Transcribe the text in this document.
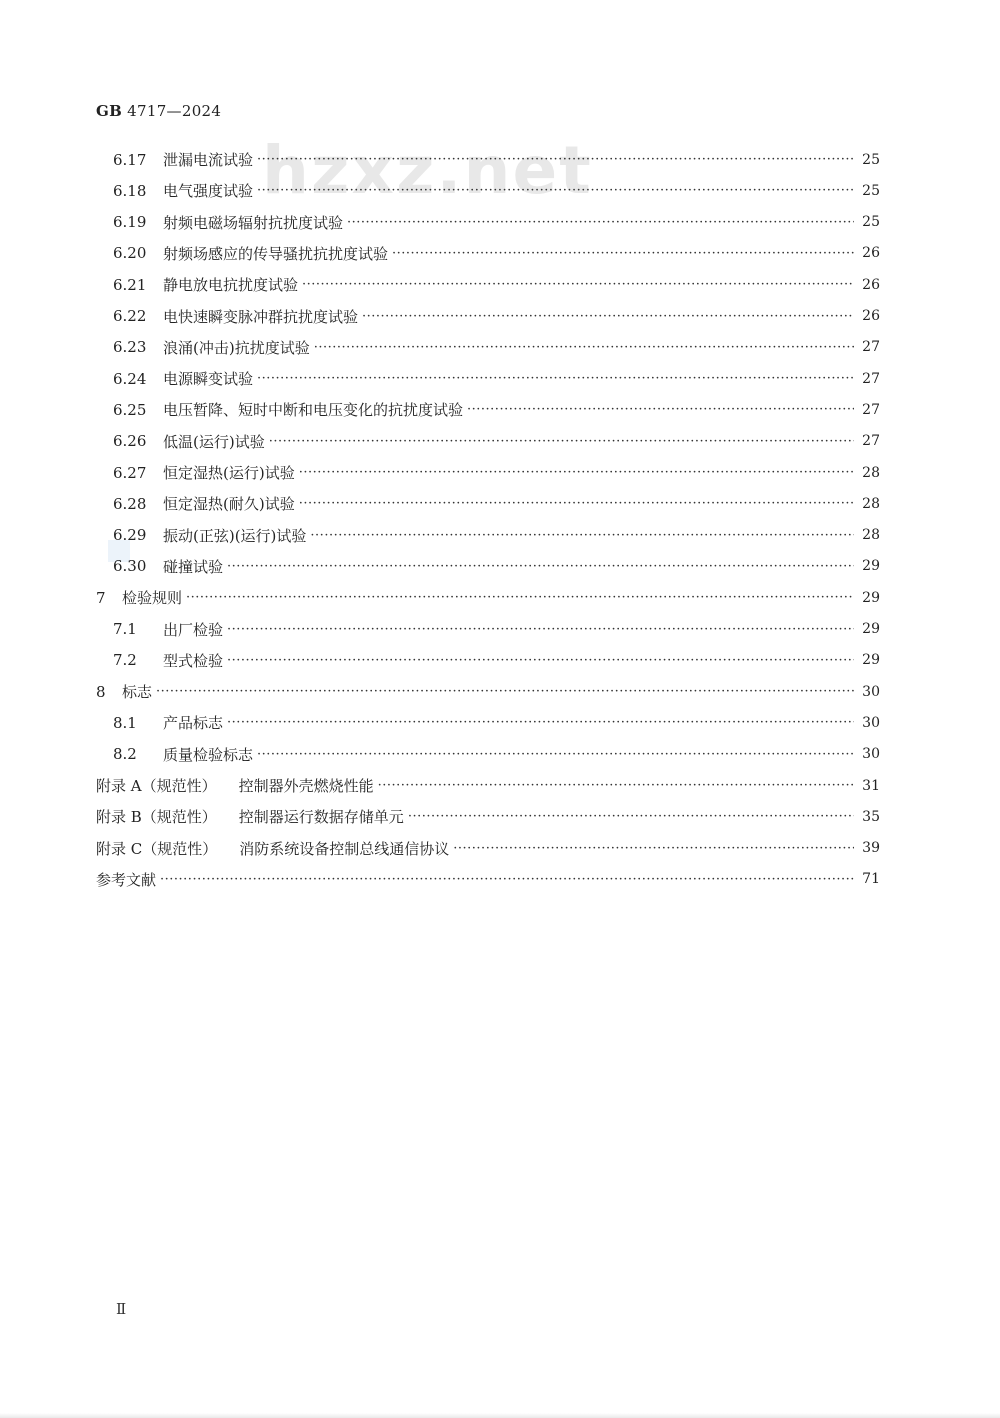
GB 4717—2024
hzxz.net
6.17	泄漏电流试验 ·····	25
6.18	电气强度试验 ·····	25
6.19	射频电磁场辐射抗扰度试验 ·····	25
6.20	射频场感应的传导骚扰抗扰度试验 ·····	26
6.21	静电放电抗扰度试验 ·····	26
6.22	电快速瞬变脉冲群抗扰度试验 ·····	26
6.23	浪涌(冲击)抗扰度试验 ·····	27
6.24	电源瞬变试验 ·····	27
6.25	电压暂降、短时中断和电压变化的抗扰度试验 ·····	27
6.26	低温(运行)试验 ·····	27
6.27	恒定湿热(运行)试验 ·····	28
6.28	恒定湿热(耐久)试验 ·····	28
6.29	振动(正弦)(运行)试验 ·····	28
6.30	碰撞试验 ·····	29
7	检验规则 ·····	29
7.1	出厂检验 ·····	29
7.2	型式检验 ·····	29
8	标志 ·····	30
8.1	产品标志 ·····	30
8.2	质量检验标志 ·····	30
附录 A（规范性） 控制器外壳燃烧性能 ·····	31
附录 B（规范性） 控制器运行数据存储单元 ·····	35
附录 C（规范性） 消防系统设备控制总线通信协议 ·····	39
参考文献 ·····	71
Ⅱ
